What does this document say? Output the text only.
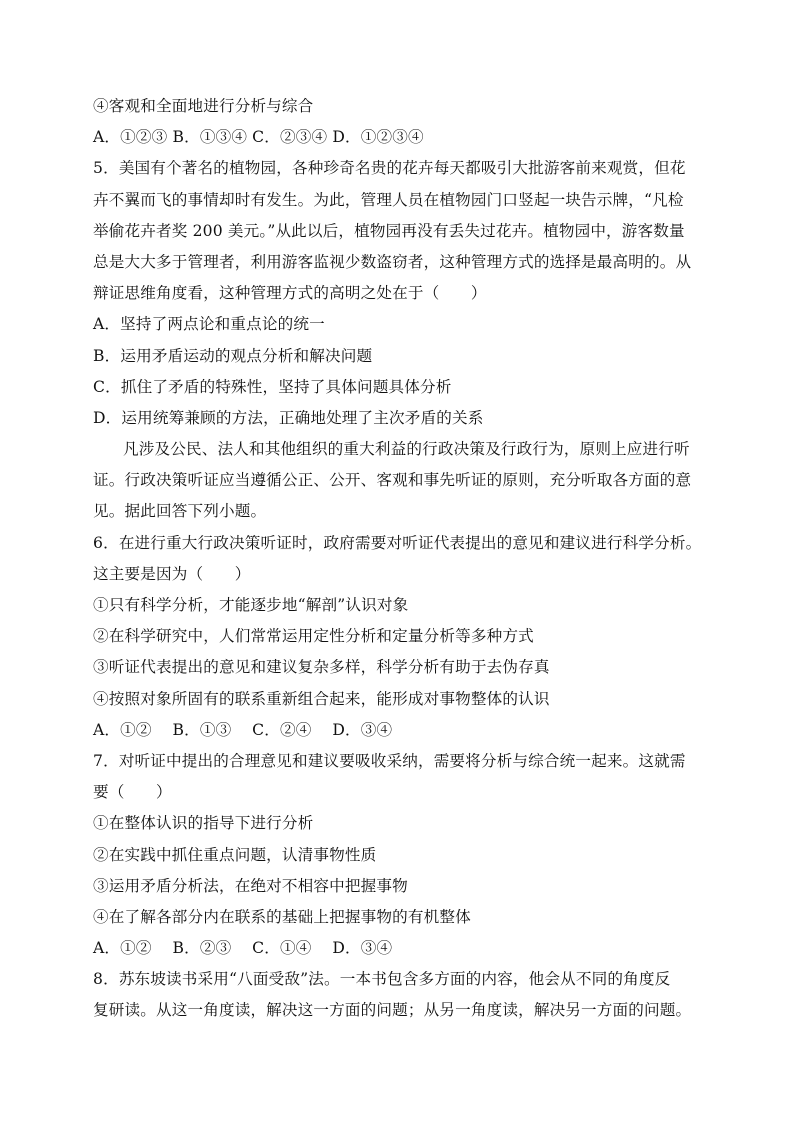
④客观和全面地进行分析与综合
A．①②③ B．①③④ C．②③④ D．①②③④
5．美国有个著名的植物园，各种珍奇名贵的花卉每天都吸引大批游客前来观赏，但花
卉不翼而飞的事情却时有发生。为此，管理人员在植物园门口竖起一块告示牌，“凡检
举偷花卉者奖 200 美元。”从此以后，植物园再没有丢失过花卉。植物园中，游客数量
总是大大多于管理者，利用游客监视少数盗窃者，这种管理方式的选择是最高明的。从
辩证思维角度看，这种管理方式的高明之处在于（　　）
A．坚持了两点论和重点论的统一
B．运用矛盾运动的观点分析和解决问题
C．抓住了矛盾的特殊性，坚持了具体问题具体分析
D．运用统筹兼顾的方法，正确地处理了主次矛盾的关系
凡涉及公民、法人和其他组织的重大利益的行政决策及行政行为，原则上应进行听
证。行政决策听证应当遵循公正、公开、客观和事先听证的原则，充分听取各方面的意
见。据此回答下列小题。
6．在进行重大行政决策听证时，政府需要对听证代表提出的意见和建议进行科学分析。
这主要是因为（　　）
①只有科学分析，才能逐步地“解剖”认识对象
②在科学研究中，人们常常运用定性分析和定量分析等多种方式
③听证代表提出的意见和建议复杂多样，科学分析有助于去伪存真
④按照对象所固有的联系重新组合起来，能形成对事物整体的认识
A．①②　 B．①③　 C．②④　 D．③④
7．对听证中提出的合理意见和建议要吸收采纳，需要将分析与综合统一起来。这就需
要（　　）
①在整体认识的指导下进行分析
②在实践中抓住重点问题，认清事物性质
③运用矛盾分析法，在绝对不相容中把握事物
④在了解各部分内在联系的基础上把握事物的有机整体
A．①②　 B．②③　 C．①④　 D．③④
8．苏东坡读书采用“八面受敌”法。一本书包含多方面的内容，他会从不同的角度反
复研读。从这一角度读，解决这一方面的问题；从另一角度读，解决另一方面的问题。
